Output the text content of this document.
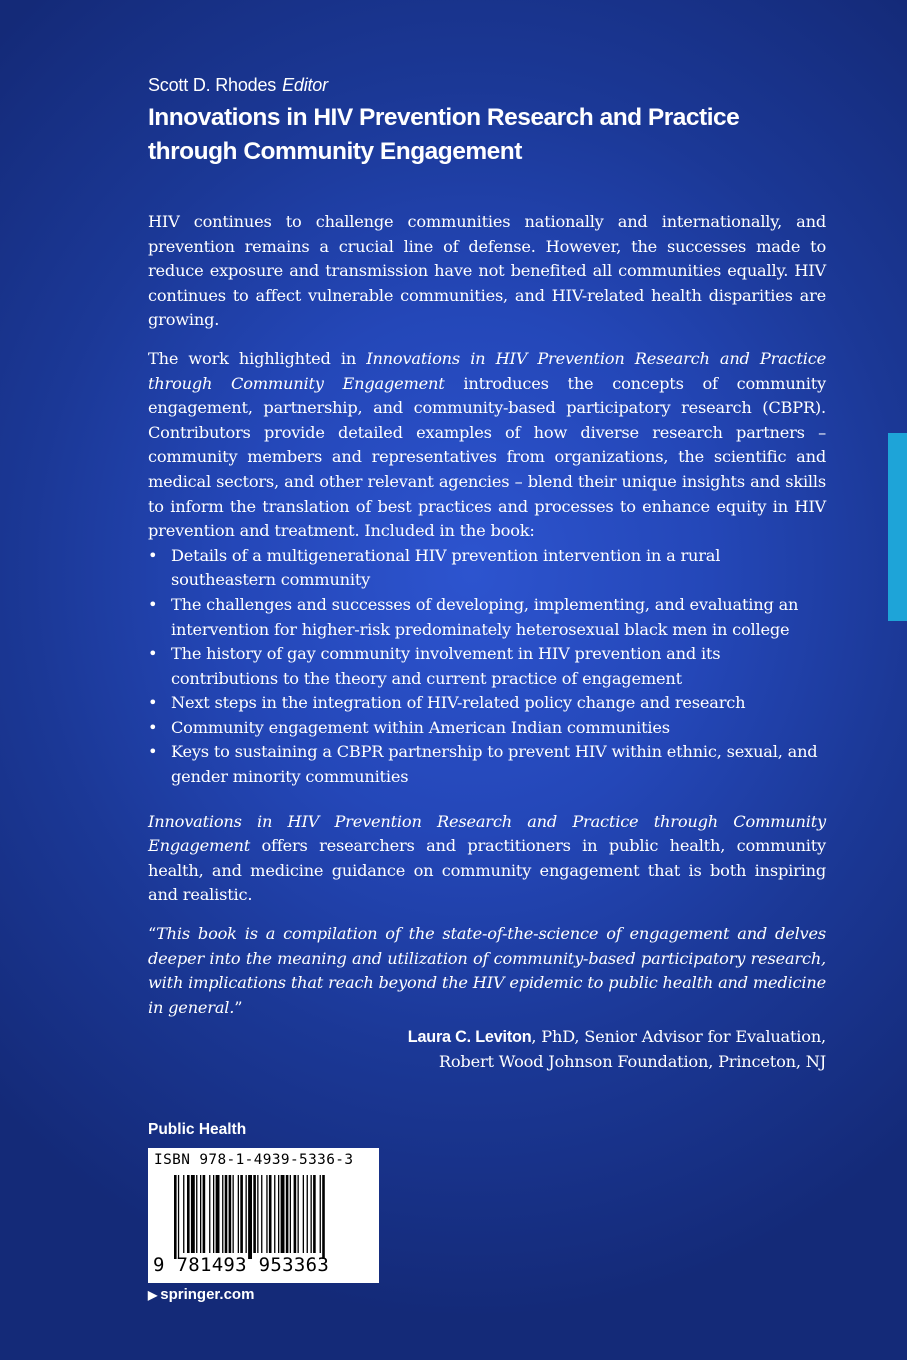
Scott D. Rhodes Editor
Innovations in HIV Prevention Research and Practice through Community Engagement

HIV continues to challenge communities nationally and internationally, and prevention remains a crucial line of defense. However, the successes made to reduce exposure and transmission have not benefited all communities equally. HIV continues to affect vulnerable communities, and HIV-related health disparities are growing.

The work highlighted in Innovations in HIV Prevention Research and Practice through Community Engagement introduces the concepts of community engagement, partnership, and community-based participatory research (CBPR). Contributors provide detailed examples of how diverse research partners – community members and representatives from organizations, the scientific and medical sectors, and other relevant agencies – blend their unique insights and skills to inform the translation of best practices and processes to enhance equity in HIV prevention and treatment. Included in the book:

• Details of a multigenerational HIV prevention intervention in a rural southeastern community
• The challenges and successes of developing, implementing, and evaluating an intervention for higher-risk predominately heterosexual black men in college
• The history of gay community involvement in HIV prevention and its contributions to the theory and current practice of engagement
• Next steps in the integration of HIV-related policy change and research
• Community engagement within American Indian communities
• Keys to sustaining a CBPR partnership to prevent HIV within ethnic, sexual, and gender minority communities

Innovations in HIV Prevention Research and Practice through Community Engagement offers researchers and practitioners in public health, community health, and medicine guidance on community engagement that is both inspiring and realistic.

“This book is a compilation of the state-of-the-science of engagement and delves deeper into the meaning and utilization of community-based participatory research, with implications that reach beyond the HIV epidemic to public health and medicine in general.”

Laura C. Leviton, PhD, Senior Advisor for Evaluation,
Robert Wood Johnson Foundation, Princeton, NJ
Public Health
ISBN 978-1-4939-5336-3
9 781493 953363
▶ springer.com
